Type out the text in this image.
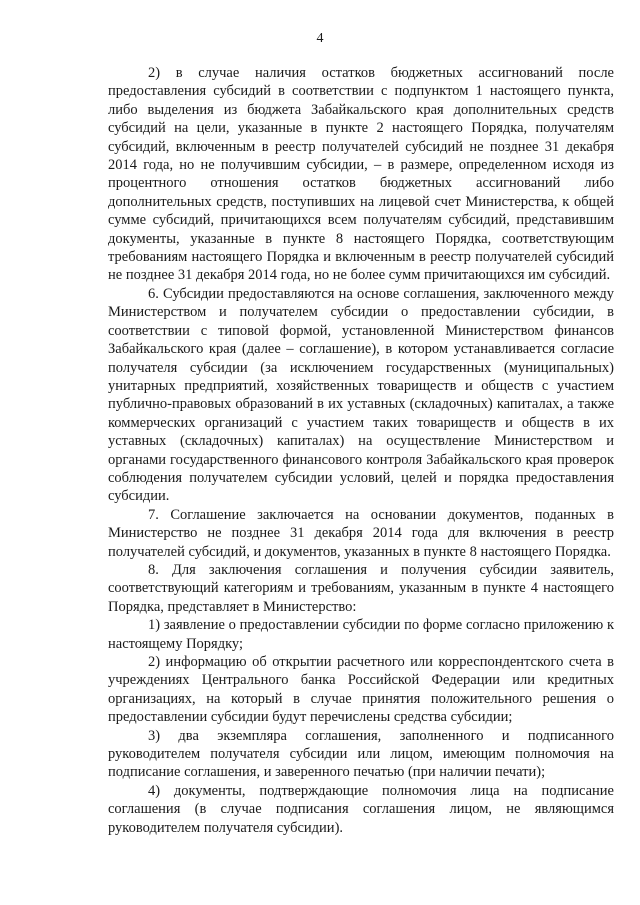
4

2) в случае наличия остатков бюджетных ассигнований после предоставления субсидий в соответствии с подпунктом 1 настоящего пункта, либо выделения из бюджета Забайкальского края дополнительных средств субсидий на цели, указанные в пункте 2 настоящего Порядка, получателям субсидий, включенным в реестр получателей субсидий не позднее 31 декабря 2014 года, но не получившим субсидии, – в размере, определенном исходя из процентного отношения остатков бюджетных ассигнований либо дополнительных средств, поступивших на лицевой счет Министерства, к общей сумме субсидий, причитающихся всем получателям субсидий, представившим документы, указанные в пункте 8 настоящего Порядка, соответствующим требованиям настоящего Порядка и включенным в реестр получателей субсидий не позднее 31 декабря 2014 года, но не более сумм причитающихся им субсидий.

6. Субсидии предоставляются на основе соглашения, заключенного между Министерством и получателем субсидии о предоставлении субсидии, в соответствии с типовой формой, установленной Министерством финансов Забайкальского края (далее – соглашение), в котором устанавливается согласие получателя субсидии (за исключением государственных (муниципальных) унитарных предприятий, хозяйственных товариществ и обществ с участием публично-правовых образований в их уставных (складочных) капиталах, а также коммерческих организаций с участием таких товариществ и обществ в их уставных (складочных) капиталах) на осуществление Министерством и органами государственного финансового контроля Забайкальского края проверок соблюдения получателем субсидии условий, целей и порядка предоставления субсидии.

7. Соглашение заключается на основании документов, поданных в Министерство не позднее 31 декабря 2014 года для включения в реестр получателей субсидий, и документов, указанных в пункте 8 настоящего Порядка.

8. Для заключения соглашения и получения субсидии заявитель, соответствующий категориям и требованиям, указанным в пункте 4 настоящего Порядка, представляет в Министерство:

1) заявление о предоставлении субсидии по форме согласно приложению к настоящему Порядку;

2) информацию об открытии расчетного или корреспондентского счета в учреждениях Центрального банка Российской Федерации или кредитных организациях, на который в случае принятия положительного решения о предоставлении субсидии будут перечислены средства субсидии;

3) два экземпляра соглашения, заполненного и подписанного руководителем получателя субсидии или лицом, имеющим полномочия на подписание соглашения, и заверенного печатью (при наличии печати);

4) документы, подтверждающие полномочия лица на подписание соглашения (в случае подписания соглашения лицом, не являющимся руководителем получателя субсидии).
